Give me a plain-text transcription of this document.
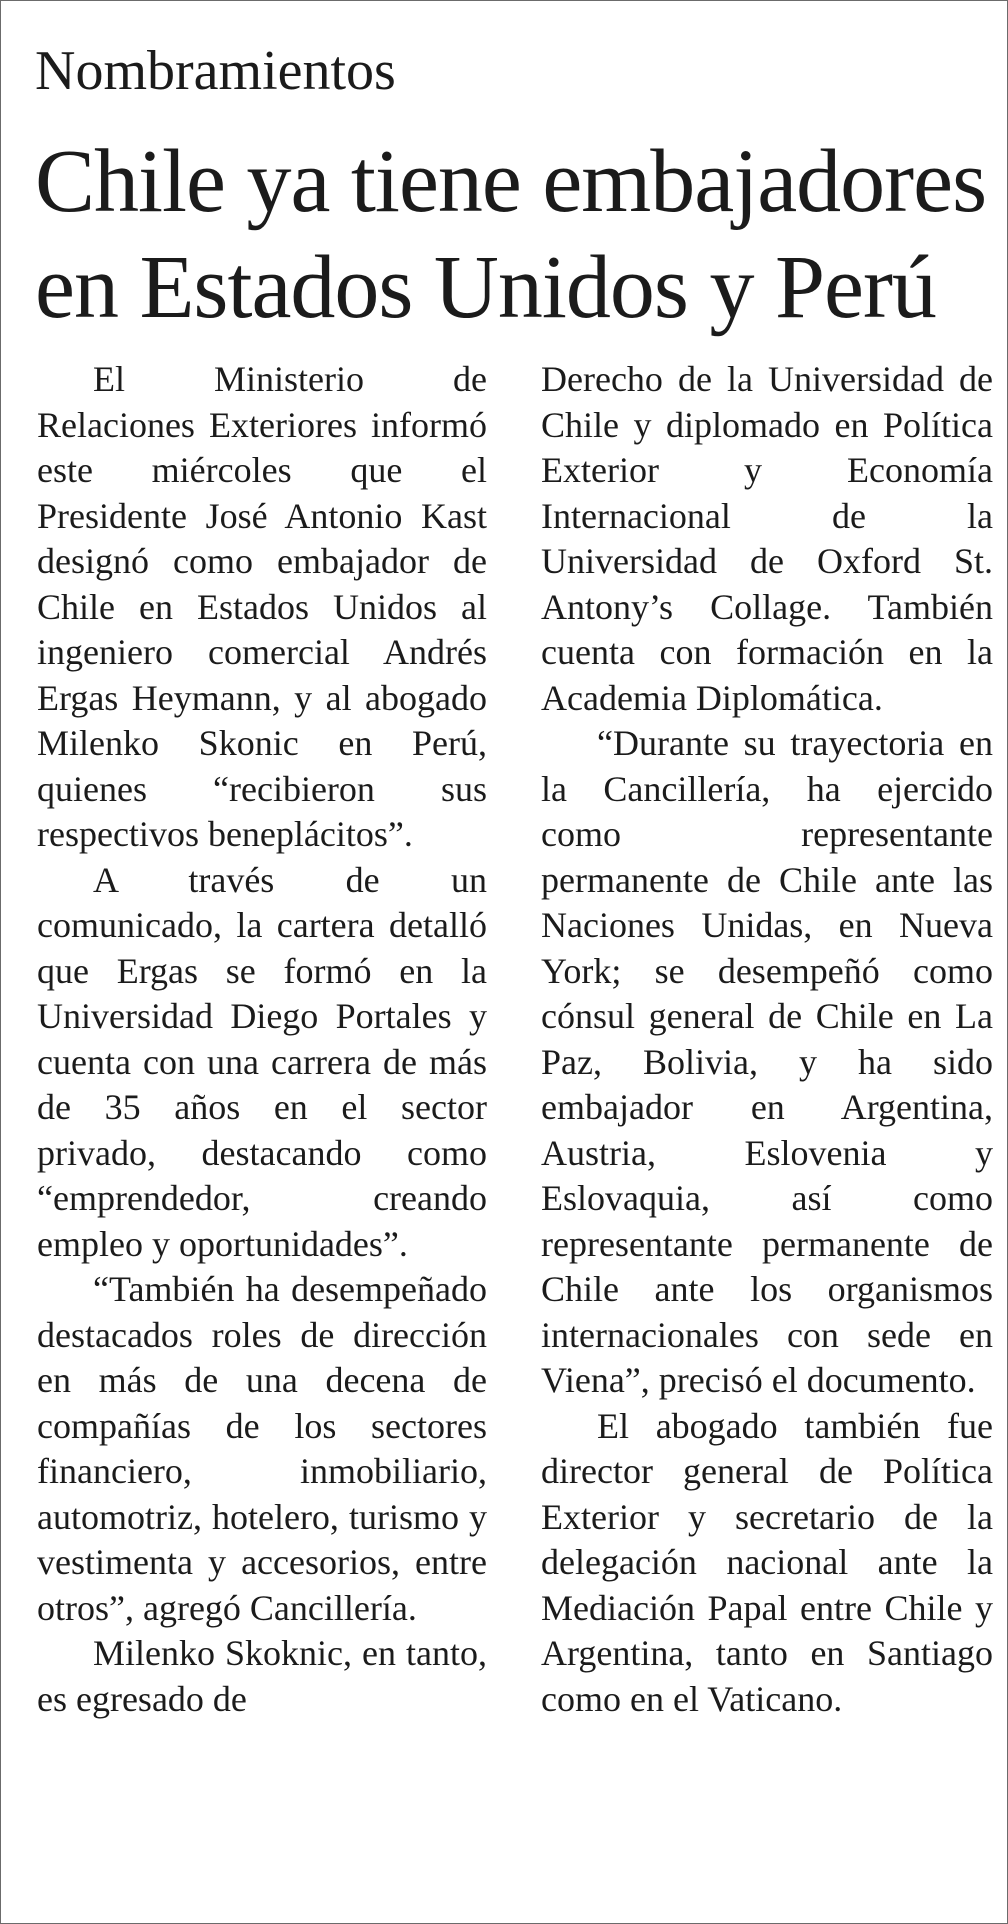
Nombramientos
Chile ya tiene embajadores en Estados Unidos y Perú

El Ministerio de Relaciones Exteriores informó este miércoles que el Presidente José Antonio Kast designó como embajador de Chile en Estados Unidos al ingeniero comercial Andrés Ergas Heymann, y al abogado Milenko Skonic en Perú, quienes “recibieron sus respectivos beneplácitos”.

A través de un comunicado, la cartera detalló que Ergas se formó en la Universidad Diego Portales y cuenta con una carrera de más de 35 años en el sector privado, destacando como “emprendedor, creando empleo y oportunidades”.

“También ha desempeñado destacados roles de dirección en más de una decena de compañías de los sectores financiero, inmobiliario, automotriz, hotelero, turismo y vestimenta y accesorios, entre otros”, agregó Cancillería.

Milenko Skoknic, en tanto, es egresado de

Derecho de la Universidad de Chile y diplomado en Política Exterior y Economía Internacional de la Universidad de Oxford St. Antony’s Collage. También cuenta con formación en la Academia Diplomática.

“Durante su trayectoria en la Cancillería, ha ejercido como representante permanente de Chile ante las Naciones Unidas, en Nueva York; se desempeñó como cónsul general de Chile en La Paz, Bolivia, y ha sido embajador en Argentina, Austria, Eslovenia y Eslovaquia, así como representante permanente de Chile ante los organismos internacionales con sede en Viena”, precisó el documento.

El abogado también fue director general de Política Exterior y secretario de la delegación nacional ante la Mediación Papal entre Chile y Argentina, tanto en Santiago como en el Vaticano.
